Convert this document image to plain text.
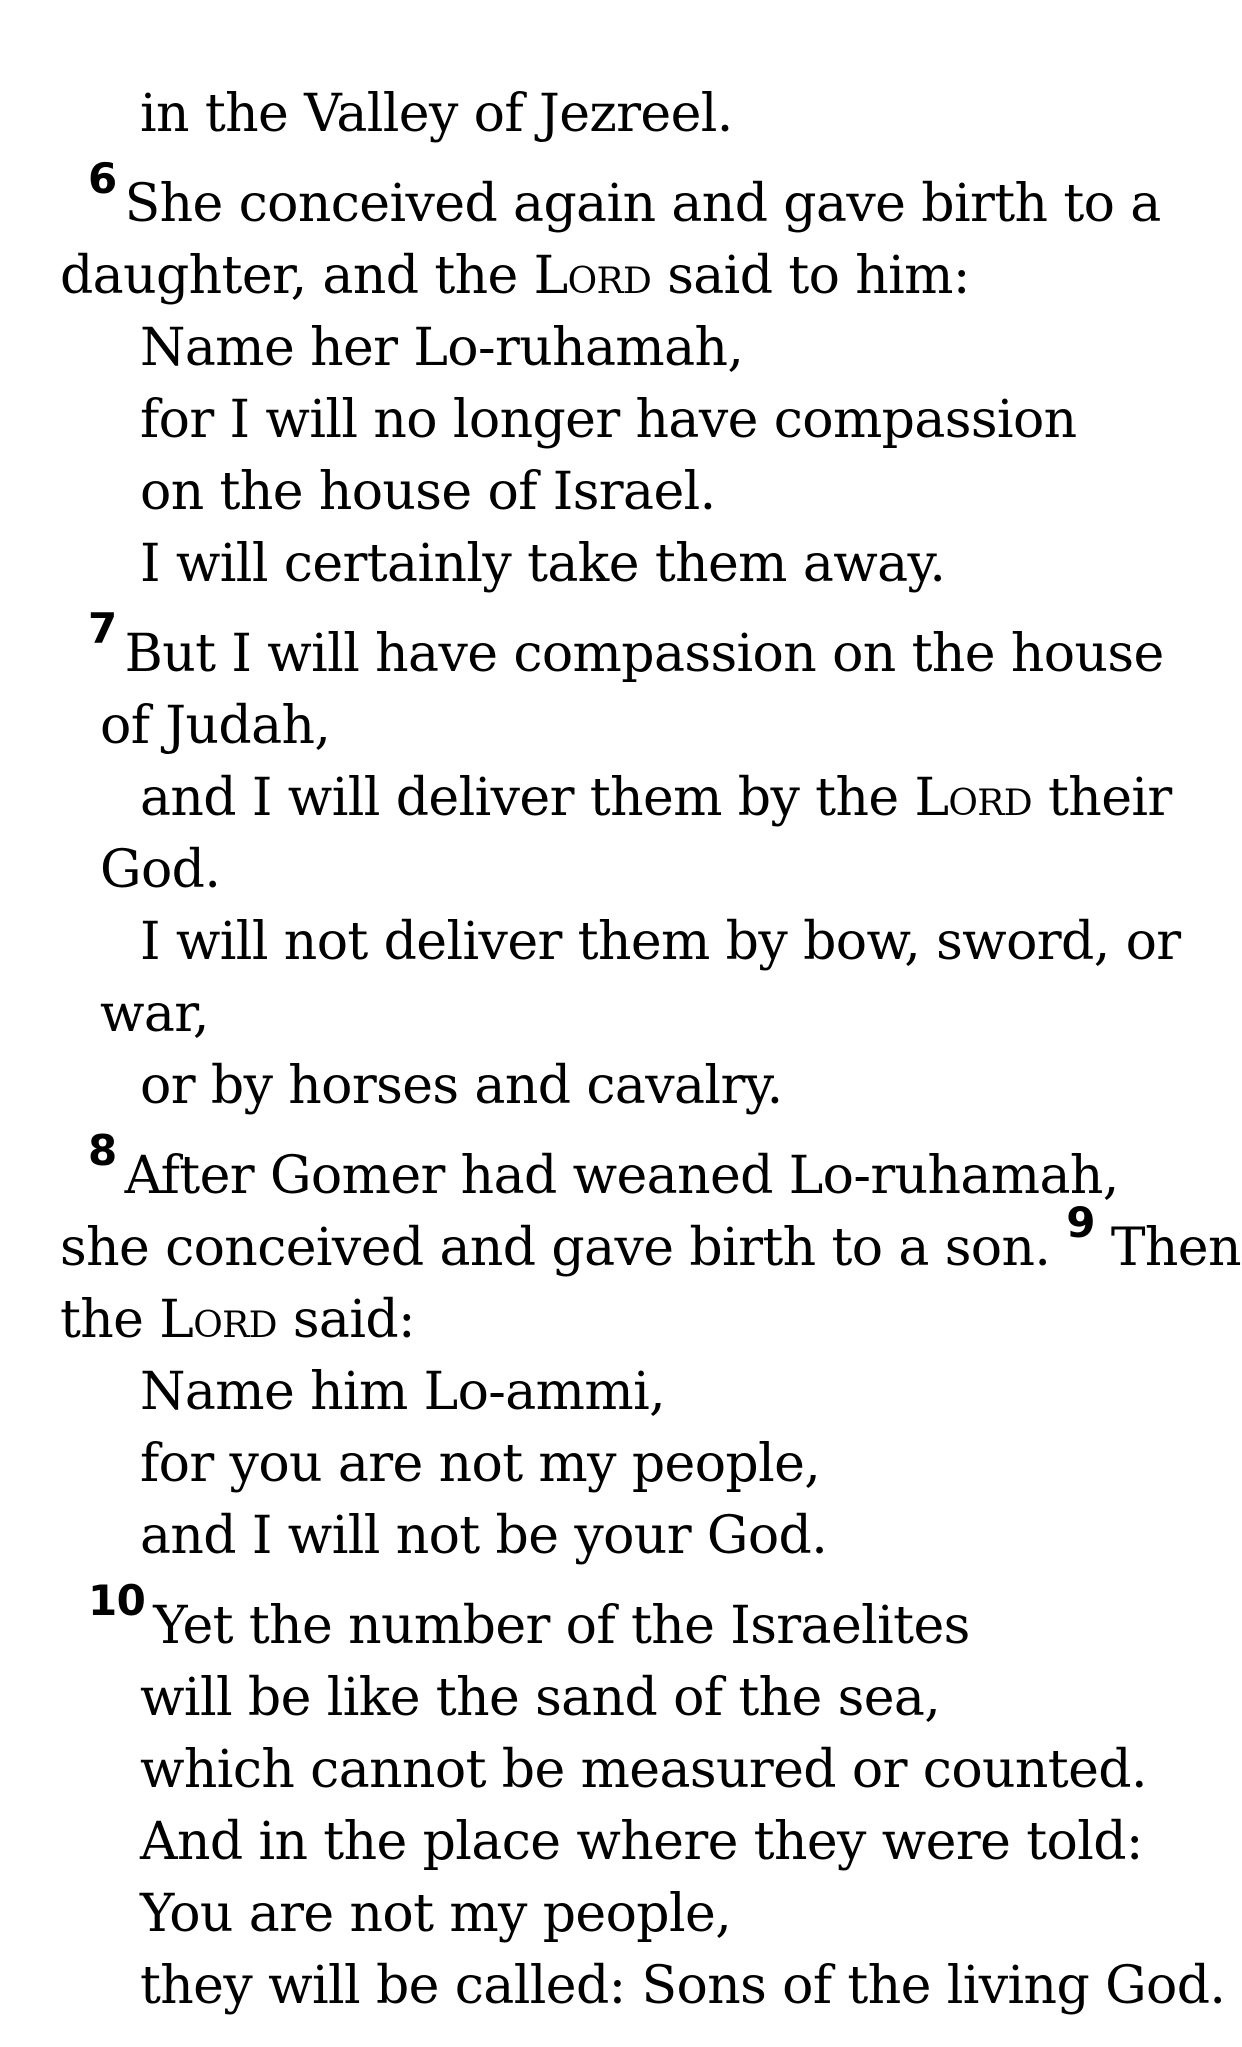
in the Valley of Jezreel.
$^6$ She conceived again and gave birth to a
daughter, and the Lord said to him:
Name her Lo-ruhamah,
for I will no longer have compassion
on the house of Israel.
I will certainly take them away.
$^7$ But I will have compassion on the house
of Judah,
and I will deliver them by the Lord their
God.
I will not deliver them by bow, sword, or
war,
or by horses and cavalry.
$^8$ After Gomer had weaned Lo-ruhamah,
she conceived and gave birth to a son. $^9$ Then
the Lord said:
Name him Lo-ammi,
for you are not my people,
and I will not be your God.
$^{10}$ Yet the number of the Israelites
will be like the sand of the sea,
which cannot be measured or counted.
And in the place where they were told:
You are not my people,
they will be called: Sons of the living God.
